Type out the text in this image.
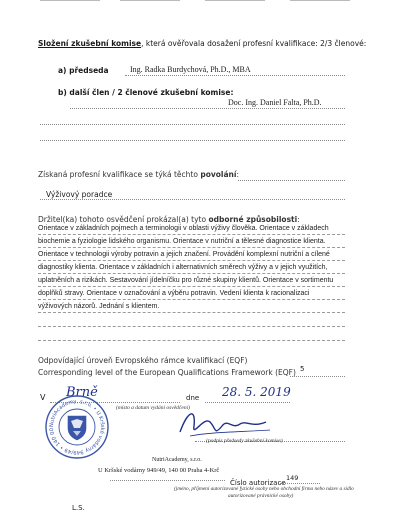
Složení zkušební komise, která ověřovala dosažení profesní kvalifikace: 2/3 členové:
a) předseda	Ing. Radka Burdychová, Ph.D., MBA
b) další člen / 2 členové zkušební komise:
Doc. Ing. Daniel Falta, Ph.D.
Získaná profesní kvalifikace se týká těchto povolání:
Výživový poradce
Držitel(ka) tohoto osvědčení prokázal(a) tyto odborné způsobilosti:
Orientace v základních pojmech a terminologii v oblasti výživy člověka. Orientace v základech
biochemie a fyziologie lidského organismu. Orientace v nutriční a tělesné diagnostice klienta.
Orientace v technologii výroby potravin a jejich značení. Provádění komplexní nutriční a cílené
diagnostiky klienta. Orientace v základních i alternativních směrech výživy a v jejich využitích,
uplatněních a rizikách. Sestavování jídelníčku pro různé skupiny klientů. Orientace v sortimentu
doplňků stravy. Orientace v označování a výběru potravin. Vedení klienta k racionalizaci
výživových názorů. Jednání s klientem.
Odpovídající úroveň Evropského rámce kvalifikací (EQF)
Corresponding level of the European Qualifications Framework (EQF) 5
V Brně	dne 28. 5. 2019
(místo a datum vydání osvědčení)
NutriAcademy, s.r.o. • U Kršské vodárny 949/49 • 140 00
(podpis předsedy zkušební komise)
NutriAcademy, s.r.o.
U Kršské vodárny 949/49, 140 00 Praha 4-Krč
Číslo autorizace
149
(jméno, příjmení autorizované fyzické osoby nebo obchodní firma nebo název a sídlo
autorizované právnické osoby)
L.S.
